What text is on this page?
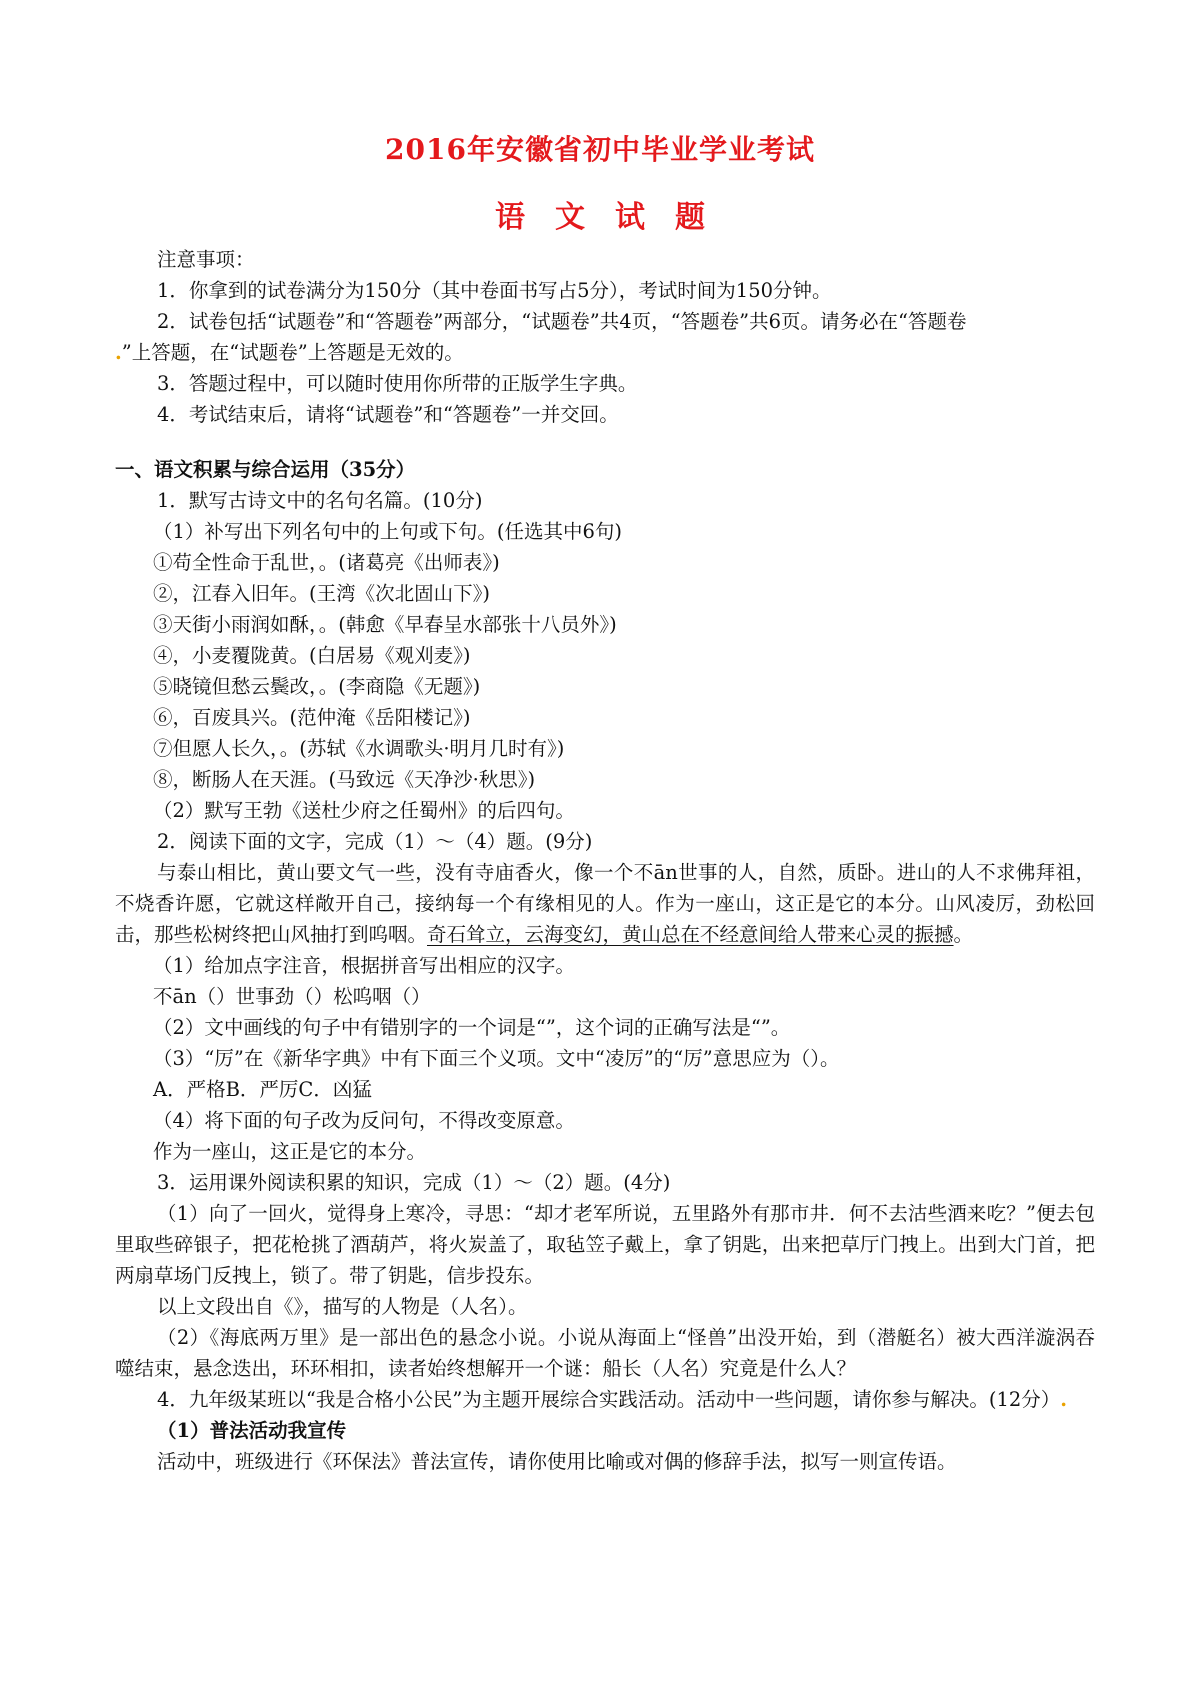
2016年安徽省初中毕业学业考试
语文试题

注意事项：

1．你拿到的试卷满分为150分（其中卷面书写占5分），考试时间为150分钟。

2．试卷包括“试题卷”和“答题卷”两部分，“试题卷”共4页，“答题卷”共6页。请务必在“答题卷

.”上答题，在“试题卷”上答题是无效的。

3．答题过程中，可以随时使用你所带的正版学生字典。

4．考试结束后，请将“试题卷”和“答题卷”一并交回。

一、语文积累与综合运用（35分）

1．默写古诗文中的名句名篇。(10分)

（1）补写出下列名句中的上句或下句。(任选其中6句)

①苟全性命于乱世，。(诸葛亮《出师表》)

②，江春入旧年。(王湾《次北固山下》)

③天街小雨润如酥，。(韩愈《早春呈水部张十八员外》)

④，小麦覆陇黄。(白居易《观刈麦》)

⑤晓镜但愁云鬓改，。(李商隐《无题》)

⑥，百废具兴。(范仲淹《岳阳楼记》)

⑦但愿人长久，。(苏轼《水调歌头·明月几时有》)

⑧，断肠人在天涯。(马致远《天净沙·秋思》)

（2）默写王勃《送杜少府之任蜀州》的后四句。

2．阅读下面的文字，完成（1）～（4）题。(9分)

与泰山相比，黄山要文气一些，没有寺庙香火，像一个不ān世事的人，自然，质卧。进山的人不求佛拜祖，不烧香许愿，它就这样敞开自己，接纳每一个有缘相见的人。作为一座山，这正是它的本分。山风凌厉，劲松回击，那些松树终把山风抽打到呜咽。奇石耸立，云海变幻，黄山总在不经意间给人带来心灵的振撼。

（1）给加点字注音，根据拼音写出相应的汉字。

不ān（）世事劲（）松呜咽（）

（2）文中画线的句子中有错别字的一个词是“”，这个词的正确写法是“”。

（3）“厉”在《新华字典》中有下面三个义项。文中“凌厉”的“厉”意思应为（）。

A．严格B．严厉C．凶猛

（4）将下面的句子改为反问句，不得改变原意。

作为一座山，这正是它的本分。

3．运用课外阅读积累的知识，完成（1）～（2）题。(4分)

（1）向了一回火，觉得身上寒冷，寻思：“却才老军所说，五里路外有那市井．何不去沽些酒来吃？”便去包里取些碎银子，把花枪挑了酒葫芦，将火炭盖了，取毡笠子戴上，拿了钥匙，出来把草厅门拽上。出到大门首，把两扇草场门反拽上，锁了。带了钥匙，信步投东。

以上文段出自《》，描写的人物是（人名）。

（2）《海底两万里》是一部出色的悬念小说。小说从海面上“怪兽”出没开始，到（潜艇名）被大西洋漩涡吞噬结束，悬念迭出，环环相扣，读者始终想解开一个谜：船长（人名）究竟是什么人？

4．九年级某班以“我是合格小公民”为主题开展综合实践活动。活动中一些问题，请你参与解决。(12分）.

（1）普法活动我宣传

活动中，班级进行《环保法》普法宣传，请你使用比喻或对偶的修辞手法，拟写一则宣传语。
